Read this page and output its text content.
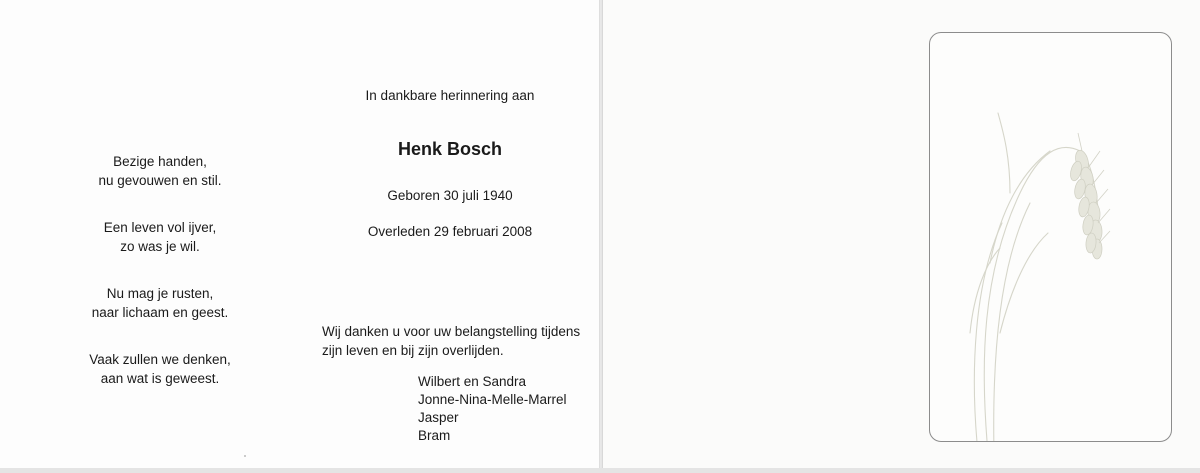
Bezige handen,
nu gevouwen en stil.
Een leven vol ijver,
zo was je wil.
Nu mag je rusten,
naar lichaam en geest.
Vaak zullen we denken,
aan wat is geweest.
In dankbare herinnering aan
Henk Bosch
Geboren 30 juli 1940
Overleden 29 februari 2008
Wij danken u voor uw belangstelling tijdens
zijn leven en bij zijn overlijden.
Wilbert en Sandra
Jonne-Nina-Melle-Marrel
Jasper
Bram
